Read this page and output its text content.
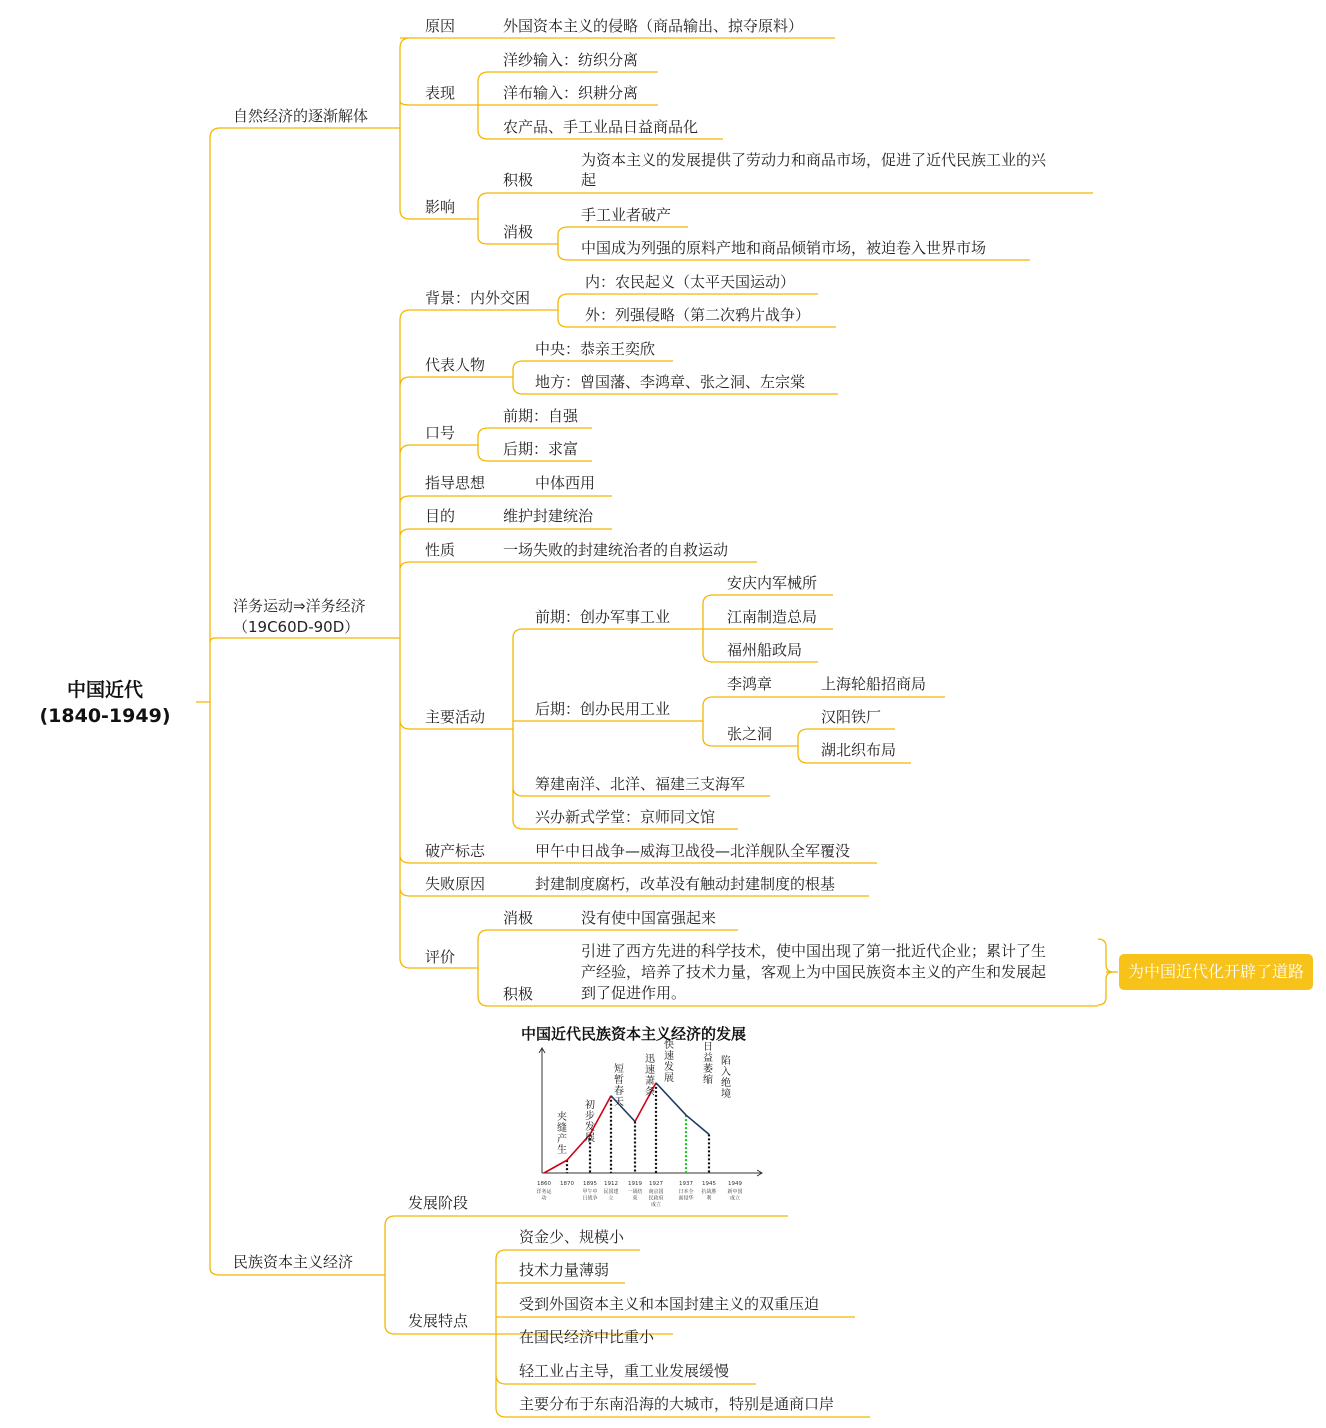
中国近代
(1840-1949)
自然经济的逐渐解体
原因	外国资本主义的侵略（商品输出、掠夺原料）
表现
洋纱输入：纺织分离
洋布输入：织耕分离
农产品、手工业品日益商品化
影响
积极
为资本主义的发展提供了劳动力和商品市场，促进了近代民族工业的兴
起
消极
手工业者破产
中国成为列强的原料产地和商品倾销市场，被迫卷入世界市场
洋务运动⇒洋务经济
（19C60D-90D）
背景：内外交困
内：农民起义（太平天国运动）
外：列强侵略（第二次鸦片战争）
代表人物
中央：恭亲王奕欣
地方：曾国藩、李鸿章、张之洞、左宗棠
口号
前期：自强
后期：求富
指导思想	中体西用
目的	维护封建统治
性质	一场失败的封建统治者的自救运动
主要活动
前期：创办军事工业
安庆内军械所
江南制造总局
福州船政局
后期：创办民用工业
李鸿章	上海轮船招商局
张之洞
汉阳铁厂
湖北织布局
筹建南洋、北洋、福建三支海军
兴办新式学堂：京师同文馆
破产标志	甲午中日战争—威海卫战役—北洋舰队全军覆没
失败原因	封建制度腐朽，改革没有触动封建制度的根基
评价
消极	没有使中国富强起来
积极
引进了西方先进的科学技术，使中国出现了第一批近代企业；累计了生
产经验，培养了技术力量，客观上为中国民族资本主义的产生和发展起
到了促进作用。
为中国近代化开辟了道路
民族资本主义经济
发展阶段
发展特点
资金少、规模小
技术力量薄弱
受到外国资本主义和本国封建主义的双重压迫
在国民经济中比重小
轻工业占主导，重工业发展缓慢
主要分布于东南沿海的大城市，特别是通商口岸
中国近代民族资本主义经济的发展
1860
洋务运
动
1870 1895
甲午中
日战争
1912
民国建
立
1919
一战结
束
1927
南京国
民政府
成立
1937
日本全
面侵华
1945
抗战胜
利
1949
新中国
成立
夹
缝
产
生
初
步
发
展
短
暂
春
天
迅
速
萧
条
快
速
发
展
日
益
萎
缩
陷
入
绝
境
